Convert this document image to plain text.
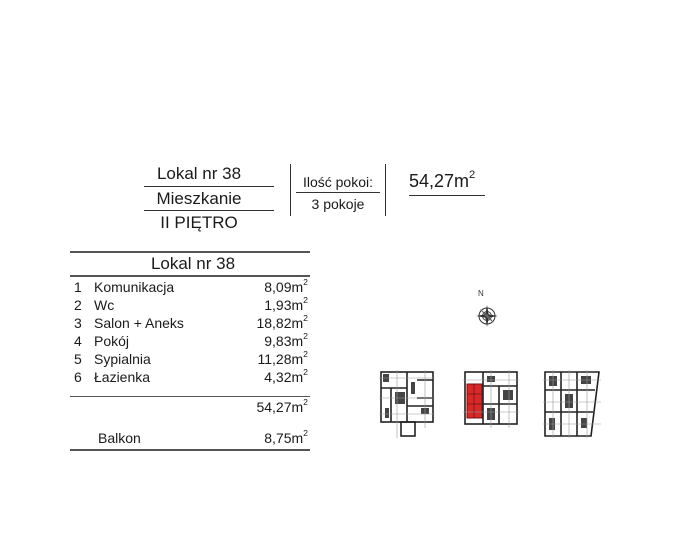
Lokal nr 38
Mieszkanie
II PIĘTRO
Ilość pokoi:
3 pokoje
$54,27m^2$
Lokal nr 38
1 Komunikacja	$8,09m^2$
2 Wc	$1,93m^2$
3 Salon + Aneks	$18,82m^2$
4 Pokój	$9,83m^2$
5 Sypialnia	$11,28m^2$
6 Łazienka	$4,32m^2$
$54,27m^2$
Balkon	$8,75m^2$
N
